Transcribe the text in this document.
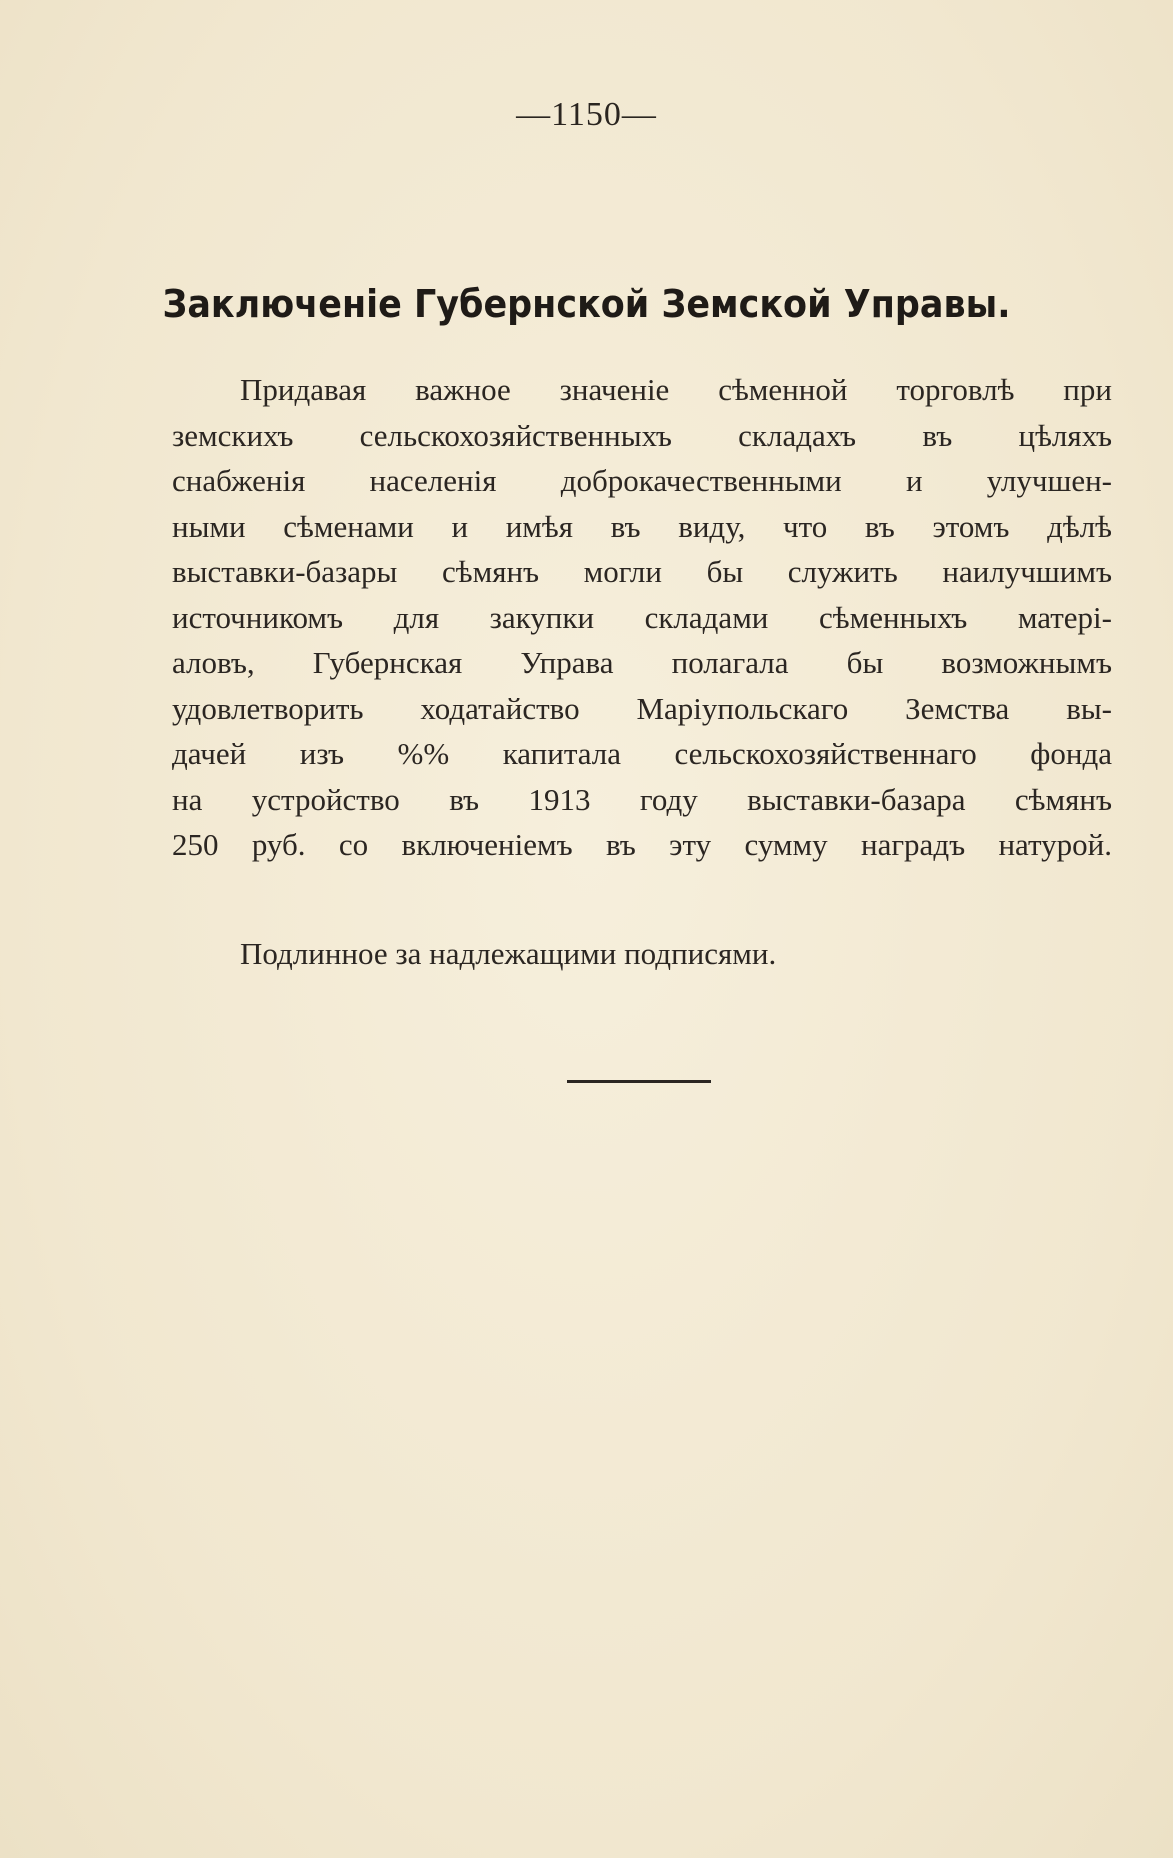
—1150—
Заключенiе Губернской Земской Управы.
Придавая важное значенiе сѣменной торговлѣ при
земскихъ сельскохозяйственныхъ складахъ въ цѣляхъ
снабженiя населенiя доброкачественными и улучшен-
ными сѣменами и имѣя въ виду, что въ этомъ дѣлѣ
выставки-базары сѣмянъ могли бы служить наилучшимъ
источникомъ для закупки складами сѣменныхъ матерi-
аловъ, Губернская Управа полагала бы возможнымъ
удовлетворить ходатайство Марiупольскаго Земства вы-
дачей изъ %% капитала сельскохозяйственнаго фонда
на устройство въ 1913 году выставки-базара сѣмянъ
250 руб. со включенiемъ въ эту сумму наградъ натурой.
Подлинное за надлежащими подписями.
